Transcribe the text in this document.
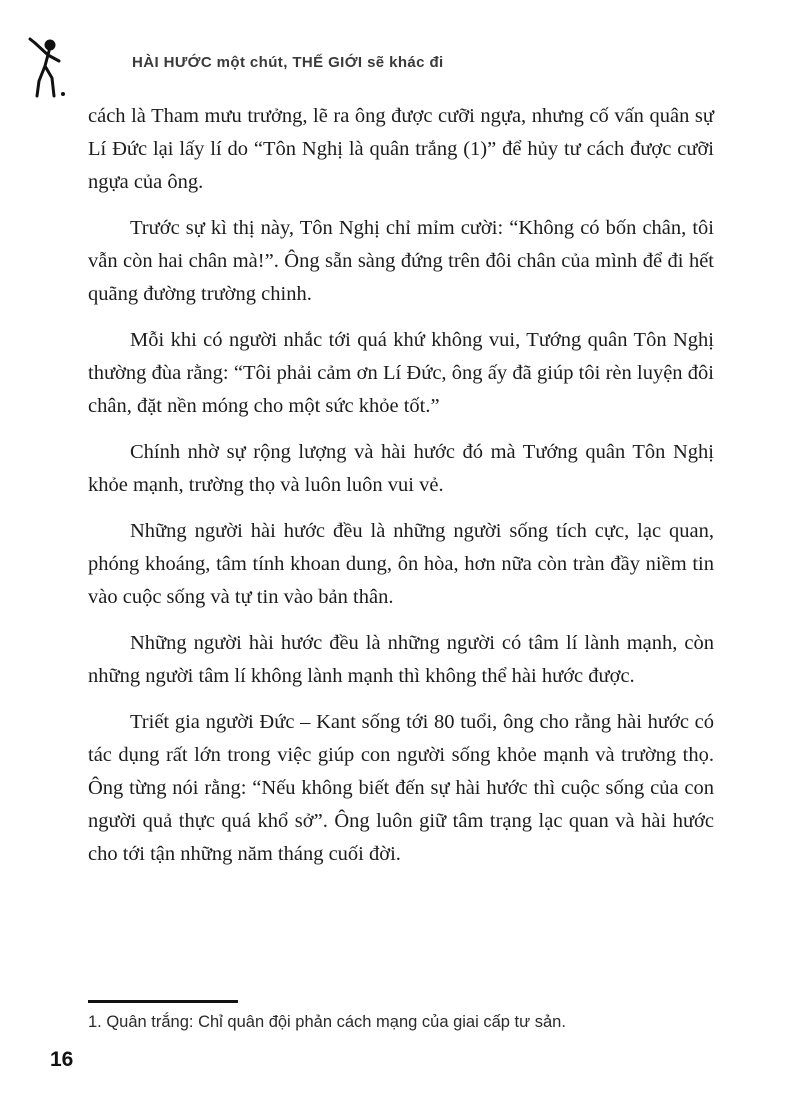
HÀI HƯỚC một chút, THẾ GIỚI sẽ khác đi

cách là Tham mưu trưởng, lẽ ra ông được cưỡi ngựa, nhưng cố vấn quân sự Lí Đức lại lấy lí do “Tôn Nghị là quân trắng (1)” để hủy tư cách được cưỡi ngựa của ông.

Trước sự kì thị này, Tôn Nghị chỉ mỉm cười: “Không có bốn chân, tôi vẫn còn hai chân mà!”. Ông sẵn sàng đứng trên đôi chân của mình để đi hết quãng đường trường chinh.

Mỗi khi có người nhắc tới quá khứ không vui, Tướng quân Tôn Nghị thường đùa rằng: “Tôi phải cảm ơn Lí Đức, ông ấy đã giúp tôi rèn luyện đôi chân, đặt nền móng cho một sức khỏe tốt.”

Chính nhờ sự rộng lượng và hài hước đó mà Tướng quân Tôn Nghị khỏe mạnh, trường thọ và luôn luôn vui vẻ.

Những người hài hước đều là những người sống tích cực, lạc quan, phóng khoáng, tâm tính khoan dung, ôn hòa, hơn nữa còn tràn đầy niềm tin vào cuộc sống và tự tin vào bản thân.

Những người hài hước đều là những người có tâm lí lành mạnh, còn những người tâm lí không lành mạnh thì không thể hài hước được.

Triết gia người Đức – Kant sống tới 80 tuổi, ông cho rằng hài hước có tác dụng rất lớn trong việc giúp con người sống khỏe mạnh và trường thọ. Ông từng nói rằng: “Nếu không biết đến sự hài hước thì cuộc sống của con người quả thực quá khổ sở”. Ông luôn giữ tâm trạng lạc quan và hài hước cho tới tận những năm tháng cuối đời.

1. Quân trắng: Chỉ quân đội phản cách mạng của giai cấp tư sản.
16
